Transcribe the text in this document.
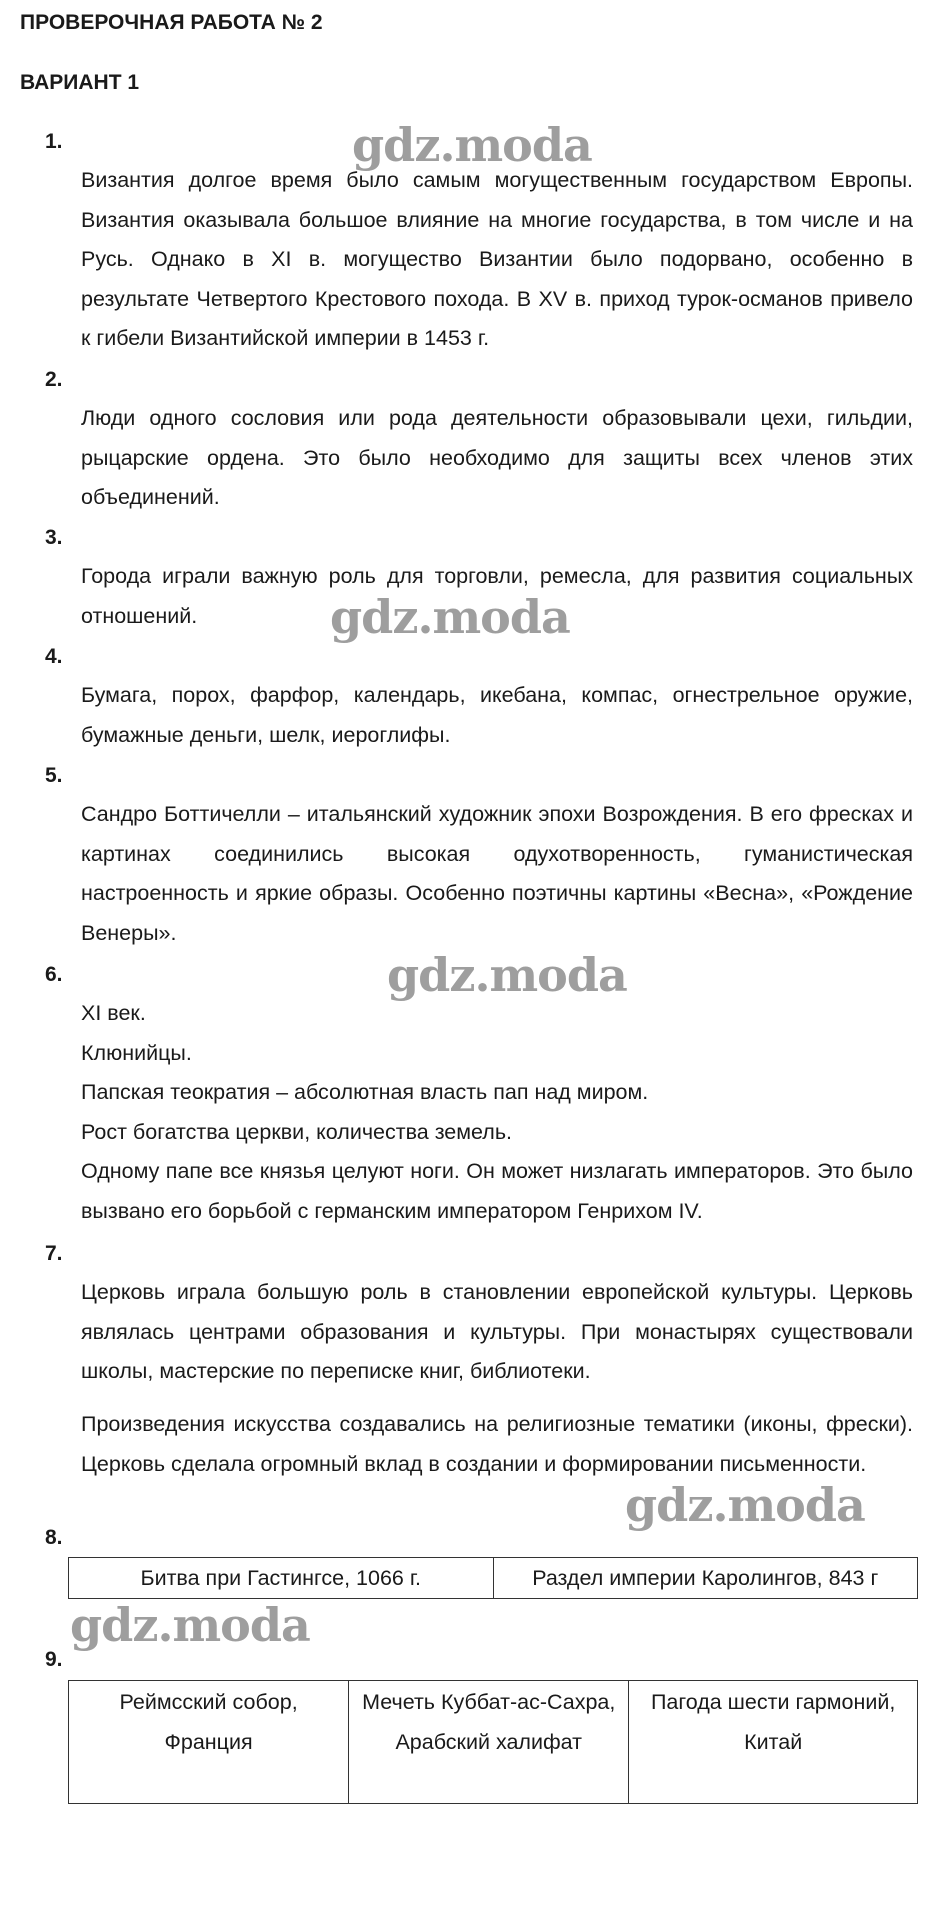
ПРОВЕРОЧНАЯ РАБОТА № 2
ВАРИАНТ 1
1.

Византия долгое время было самым могущественным государством Европы. Византия оказывала большое влияние на многие государства, в том числе и на Русь. Однако в XI в. могущество Византии было подорвано, особенно в результате Четвертого Крестового похода. В XV в. приход турок-османов привело к гибели Византийской империи в 1453 г.

2.

Люди одного сословия или рода деятельности образовывали цехи, гильдии, рыцарские ордена. Это было необходимо для защиты всех членов этих объединений.

3.

Города играли важную роль для торговли, ремесла, для развития социальных отношений.

4.

Бумага, порох, фарфор, календарь, икебана, компас, огнестрельное оружие, бумажные деньги, шелк, иероглифы.

5.

Сандро Боттичелли – итальянский художник эпохи Возрождения. В его фресках и картинах соединились высокая одухотворенность, гуманистическая настроенность и яркие образы. Особенно поэтичны картины «Весна», «Рождение Венеры».

6.
XI век.
Клюнийцы.
Папская теократия – абсолютная власть пап над миром.
Рост богатства церкви, количества земель.
Одному папе все князья целуют ноги. Он может низлагать императоров. Это было вызвано его борьбой с германским императором Генрихом IV.
7.

Церковь играла большую роль в становлении европейской культуры. Церковь являлась центрами образования и культуры. При монастырях существовали школы, мастерские по переписке книг, библиотеки.

Произведения искусства создавались на религиозные тематики (иконы, фрески). Церковь сделала огромный вклад в создании и формировании письменности.

8.
Битва при Гастингсе, 1066 г.	Раздел империи Каролингов, 843 г
9.
Реймсский собор, Франция	Мечеть Куббат-ас-Сахра, Арабский халифат	Пагода шести гармоний, Китай
gdz.moda
gdz.moda
gdz.moda
gdz.moda
gdz.moda
